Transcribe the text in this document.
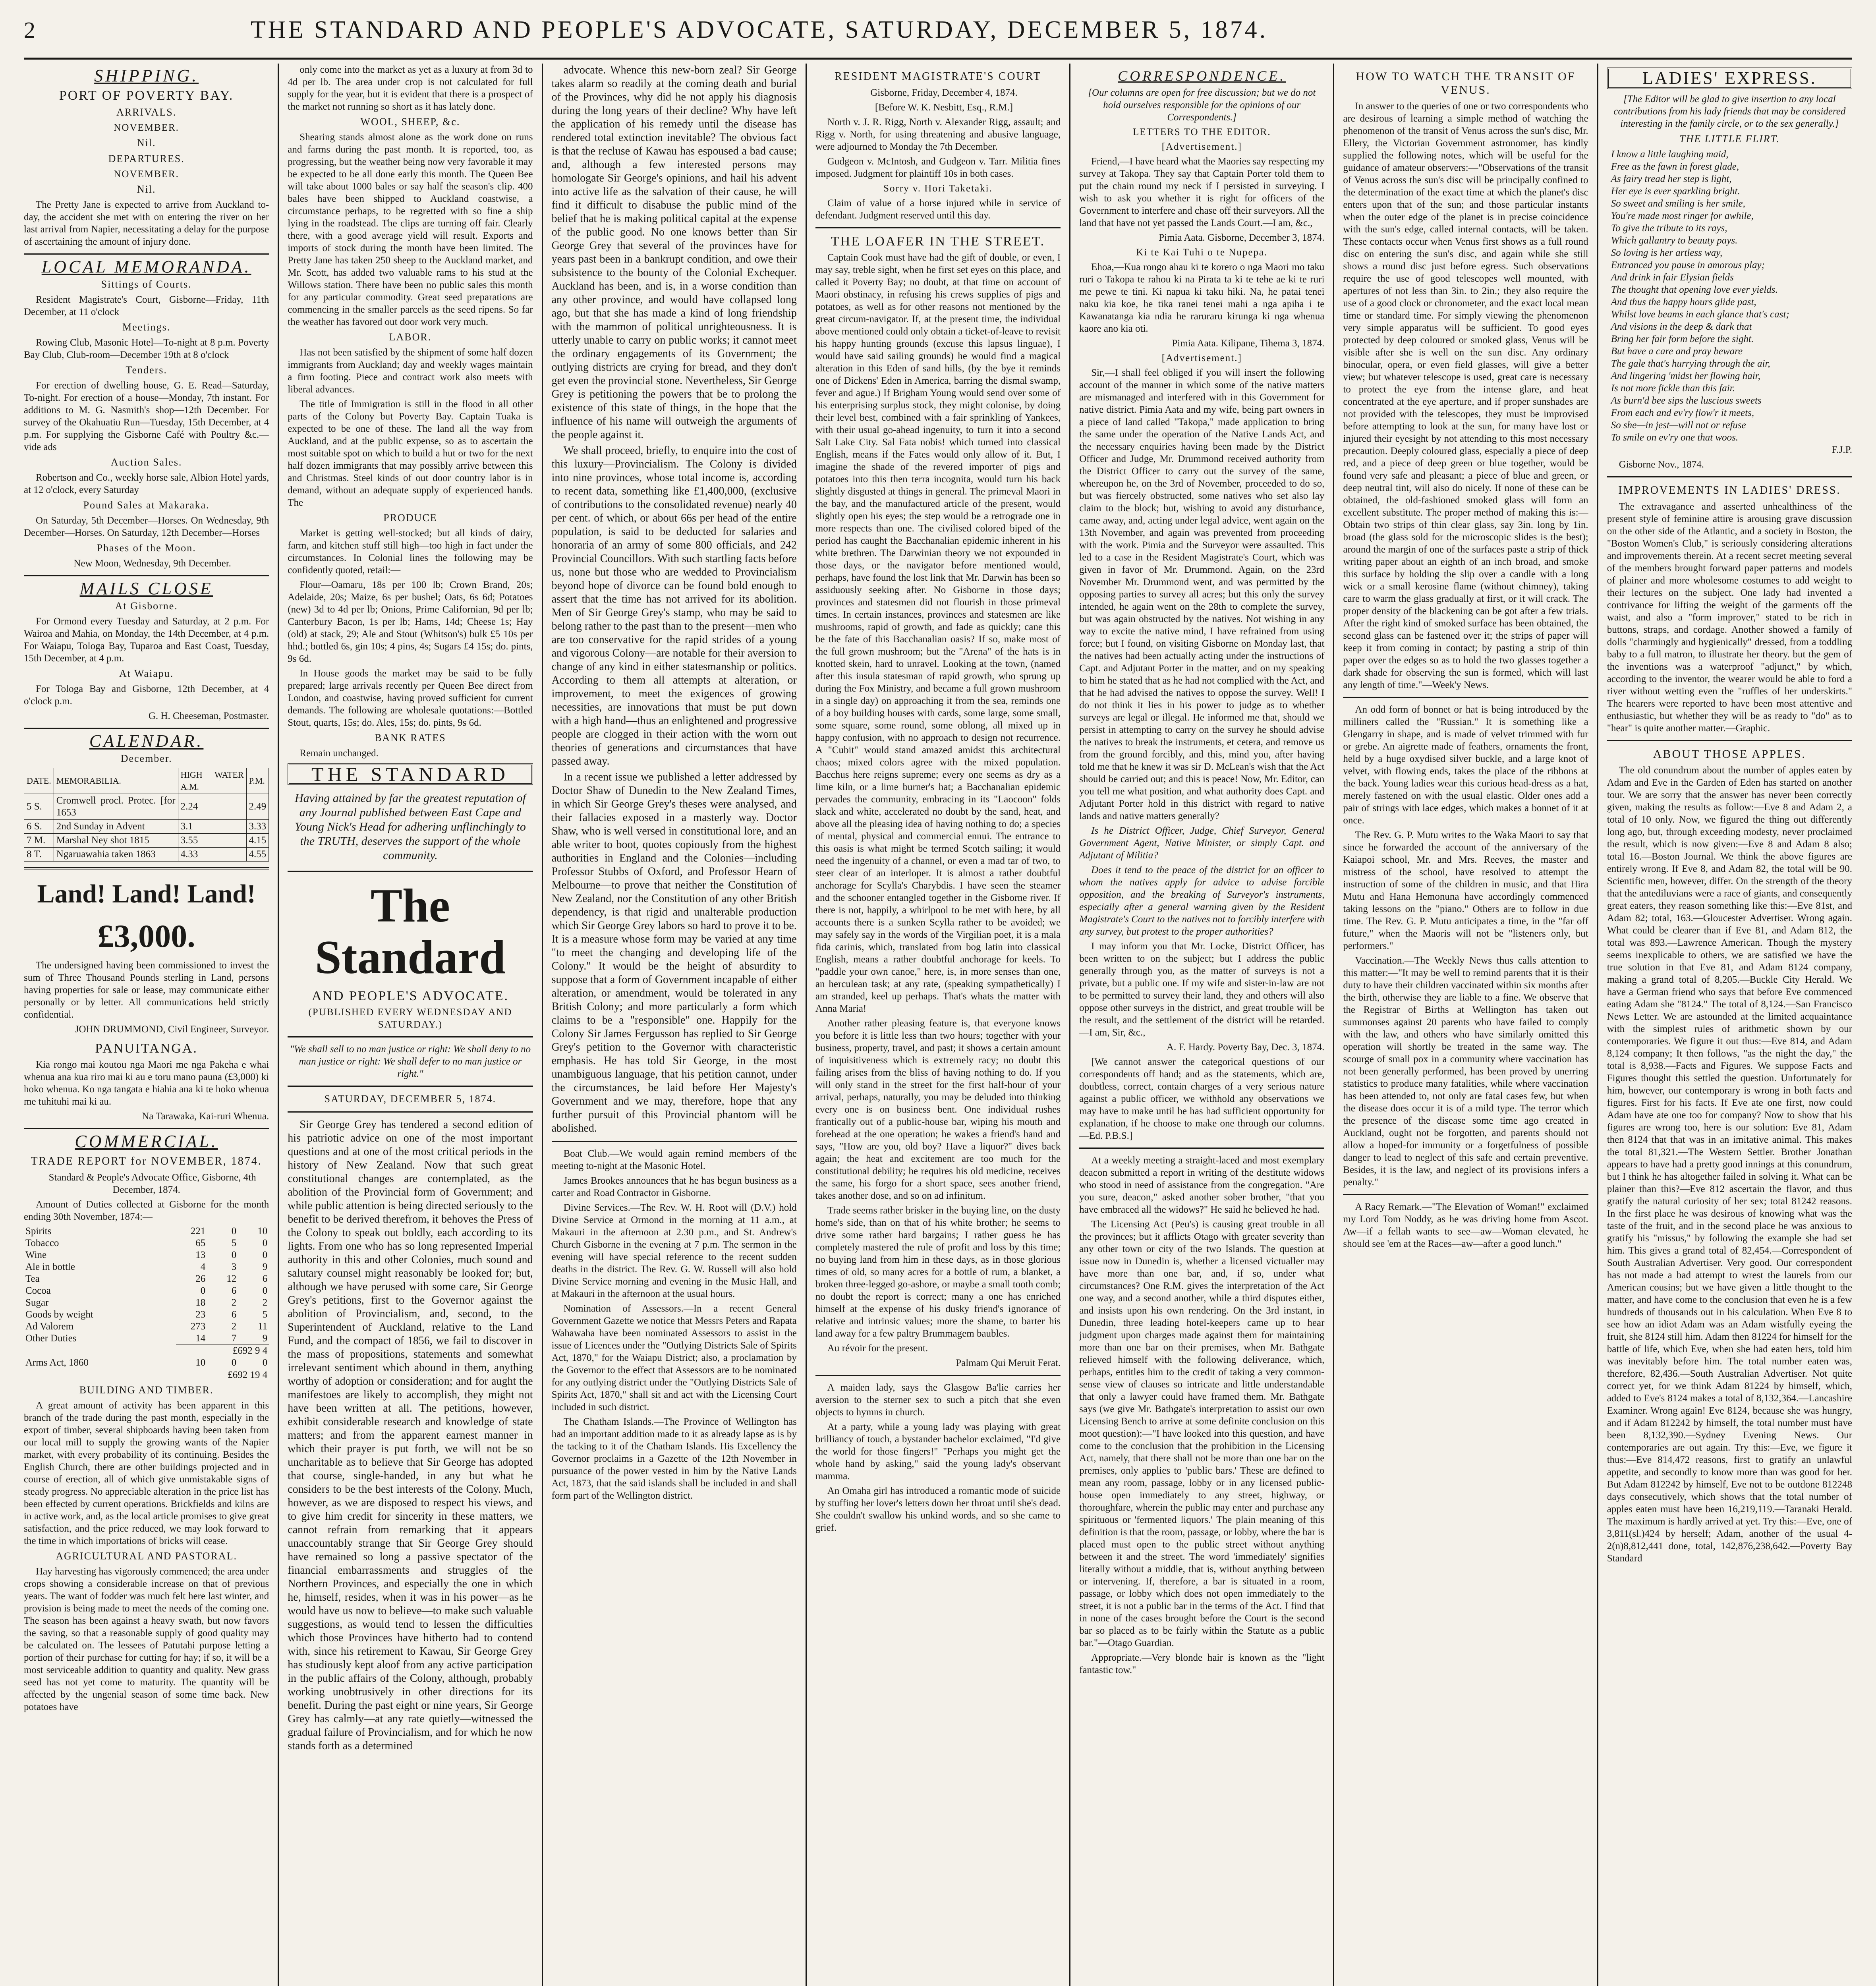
2	THE STANDARD AND PEOPLE'S ADVOCATE, SATURDAY, DECEMBER 5, 1874.
SHIPPING.
PORT OF POVERTY BAY.
ARRIVALS.
NOVEMBER.
Nil.
DEPARTURES.
NOVEMBER.
Nil.

The Pretty Jane is expected to arrive from Auckland to-day, the accident she met with on entering the river on her last arrival from Napier, necessitating a delay for the purpose of ascertaining the amount of injury done.

LOCAL MEMORANDA.
Sittings of Courts.

Resident Magistrate's Court, Gisborne—Friday, 11th December, at 11 o'clock

Meetings.

Rowing Club, Masonic Hotel—To-night at 8 p.m. Poverty Bay Club, Club-room—December 19th at 8 o'clock

Tenders.

For erection of dwelling house, G. E. Read—Saturday, To-night. For erection of a house—Monday, 7th instant. For additions to M. G. Nasmith's shop—12th December. For survey of the Okahuatiu Run—Tuesday, 15th December, at 4 p.m. For supplying the Gisborne Café with Poultry &c.—vide ads

Auction Sales.

Robertson and Co., weekly horse sale, Albion Hotel yards, at 12 o'clock, every Saturday

Pound Sales at Makaraka.

On Saturday, 5th December—Horses. On Wednesday, 9th December—Horses. On Saturday, 12th December—Horses

Phases of the Moon.

New Moon, Wednesday, 9th December.

MAILS CLOSE
At Gisborne.

For Ormond every Tuesday and Saturday, at 2 p.m. For Wairoa and Mahia, on Monday, the 14th December, at 4 p.m. For Waiapu, Tologa Bay, Tuparoa and East Coast, Tuesday, 15th December, at 4 p.m.

At Waiapu.

For Tologa Bay and Gisborne, 12th December, at 4 o'clock p.m.

G. H. Cheeseman, Postmaster.

CALENDAR.
December.
DATE.	MEMORABILIA.	HIGH WATER A.M.	P.M.
5 S.	Cromwell procl. Protec. [for 1653	2.24	2.49
6 S.	2nd Sunday in Advent	3.1	3.33
7 M.	Marshal Ney shot 1815	3.55	4.15
8 T.	Ngaruawahia taken 1863	4.33	4.55
Land! Land! Land!
£3,000.

The undersigned having been commissioned to invest the sum of Three Thousand Pounds sterling in Land, persons having properties for sale or lease, may communicate either personally or by letter. All communications held strictly confidential.

JOHN DRUMMOND, Civil Engineer, Surveyor.

PANUITANGA.

Kia rongo mai koutou nga Maori me nga Pakeha e whai whenua ana kua riro mai ki au e toru mano pauna (£3,000) ki hoko whenua. Ko nga tangata e hiahia ana ki te hoko whenua me tuhituhi mai ki au.

Na Tarawaka, Kai-ruri Whenua.

COMMERCIAL.
TRADE REPORT for NOVEMBER, 1874.

Standard & People's Advocate Office, Gisborne, 4th December, 1874.

Amount of Duties collected at Gisborne for the month ending 30th November, 1874:—

Spirits	221	0	10
Tobacco	65	5	0
Wine	13	0	0
Ale in bottle	4	3	9
Tea	26	12	6
Cocoa	0	6	0
Sugar	18	2	2
Goods by weight	23	6	5
Ad Valorem	273	2	11
Other Duties	14	7	9
	£692 9 4		
Arms Act, 1860	10	0	0
	£692 19 4		
BUILDING AND TIMBER.

A great amount of activity has been apparent in this branch of the trade during the past month, especially in the export of timber, several shipboards having been taken from our local mill to supply the growing wants of the Napier market, with every probability of its continuing. Besides the English Church, there are other buildings projected and in course of erection, all of which give unmistakable signs of steady progress. No appreciable alteration in the price list has been effected by current operations. Brickfields and kilns are in active work, and, as the local article promises to give great satisfaction, and the price reduced, we may look forward to the time in which importations of bricks will cease.

AGRICULTURAL AND PASTORAL.

Hay harvesting has vigorously commenced; the area under crops showing a considerable increase on that of previous years. The want of fodder was much felt here last winter, and provision is being made to meet the needs of the coming one. The season has been against a heavy swath, but now favors the saving, so that a reasonable supply of good quality may be calculated on. The lessees of Patutahi purpose letting a portion of their purchase for cutting for hay; if so, it will be a most serviceable addition to quantity and quality. New grass seed has not yet come to maturity. The quantity will be affected by the ungenial season of some time back. New potatoes have

only come into the market as yet as a luxury at from 3d to 4d per lb. The area under crop is not calculated for full supply for the year, but it is evident that there is a prospect of the market not running so short as it has lately done.

WOOL, SHEEP, &c.

Shearing stands almost alone as the work done on runs and farms during the past month. It is reported, too, as progressing, but the weather being now very favorable it may be expected to be all done early this month. The Queen Bee will take about 1000 bales or say half the season's clip. 400 bales have been shipped to Auckland coastwise, a circumstance perhaps, to be regretted with so fine a ship lying in the roadstead. The clips are turning off fair. Clearly there, with a good average yield will result. Exports and imports of stock during the month have been limited. The Pretty Jane has taken 250 sheep to the Auckland market, and Mr. Scott, has added two valuable rams to his stud at the Willows station. There have been no public sales this month for any particular commodity. Great seed preparations are commencing in the smaller parcels as the seed ripens. So far the weather has favored out door work very much.

LABOR.

Has not been satisfied by the shipment of some half dozen immigrants from Auckland; day and weekly wages maintain a firm footing. Piece and contract work also meets with liberal advances.

The title of Immigration is still in the flood in all other parts of the Colony but Poverty Bay. Captain Tuaka is expected to be one of these. The land all the way from Auckland, and at the public expense, so as to ascertain the most suitable spot on which to build a hut or two for the next half dozen immigrants that may possibly arrive between this and Christmas. Steel kinds of out door country labor is in demand, without an adequate supply of experienced hands. The

PRODUCE

Market is getting well-stocked; but all kinds of dairy, farm, and kitchen stuff still high—too high in fact under the circumstances. In Colonial lines the following may be confidently quoted, retail:—

Flour—Oamaru, 18s per 100 lb; Crown Brand, 20s; Adelaide, 20s; Maize, 6s per bushel; Oats, 6s 6d; Potatoes (new) 3d to 4d per lb; Onions, Prime Californian, 9d per lb; Canterbury Bacon, 1s per lb; Hams, 14d; Cheese 1s; Hay (old) at stack, 29; Ale and Stout (Whitson's) bulk £5 10s per hhd.; bottled 6s, gin 10s; 4 pins, 4s; Sugars £4 15s; do. pints, 9s 6d.

In House goods the market may be said to be fully prepared; large arrivals recently per Queen Bee direct from London, and coastwise, having proved sufficient for current demands. The following are wholesale quotations:—Bottled Stout, quarts, 15s; do. Ales, 15s; do. pints, 9s 6d.

BANK RATES

Remain unchanged.

THE STANDARD
Having attained by far the greatest reputation of any Journal published between East Cape and Young Nick's Head for adhering unflinchingly to the TRUTH, deserves the support of the whole community.
The Standard
AND PEOPLE'S ADVOCATE.
(PUBLISHED EVERY WEDNESDAY AND SATURDAY.)

"We shall sell to no man justice or right: We shall deny to no man justice or right: We shall defer to no man justice or right."

SATURDAY, DECEMBER 5, 1874.

Sir George Grey has tendered a second edition of his patriotic advice on one of the most important questions and at one of the most critical periods in the history of New Zealand. Now that such great constitutional changes are contemplated, as the abolition of the Provincial form of Government; and while public attention is being directed seriously to the benefit to be derived therefrom, it behoves the Press of the Colony to speak out boldly, each according to its lights. From one who has so long represented Imperial authority in this and other Colonies, much sound and salutary counsel might reasonably be looked for; but, although we have perused with some care, Sir George Grey's petitions, first to the Governor against the abolition of Provincialism, and, second, to the Superintendent of Auckland, relative to the Land Fund, and the compact of 1856, we fail to discover in the mass of propositions, statements and somewhat irrelevant sentiment which abound in them, anything worthy of adoption or consideration; and for aught the manifestoes are likely to accomplish, they might not have been written at all. The petitions, however, exhibit considerable research and knowledge of state matters; and from the apparent earnest manner in which their prayer is put forth, we will not be so uncharitable as to believe that Sir George has adopted that course, single-handed, in any but what he considers to be the best interests of the Colony. Much, however, as we are disposed to respect his views, and to give him credit for sincerity in these matters, we cannot refrain from remarking that it appears unaccountably strange that Sir George Grey should have remained so long a passive spectator of the financial embarrassments and struggles of the Northern Provinces, and especially the one in which he, himself, resides, when it was in his power—as he would have us now to believe—to make such valuable suggestions, as would tend to lessen the difficulties which those Provinces have hitherto had to contend with, since his retirement to Kawau, Sir George Grey has studiously kept aloof from any active participation in the public affairs of the Colony, although, probably working unobtrusively in other directions for its benefit. During the past eight or nine years, Sir George Grey has calmly—at any rate quietly—witnessed the gradual failure of Provincialism, and for which he now stands forth as a determined

advocate. Whence this new-born zeal? Sir George takes alarm so readily at the coming death and burial of the Provinces, why did he not apply his diagnosis during the long years of their decline? Why have left the application of his remedy until the disease has rendered total extinction inevitable? The obvious fact is that the recluse of Kawau has espoused a bad cause; and, although a few interested persons may homologate Sir George's opinions, and hail his advent into active life as the salvation of their cause, he will find it difficult to disabuse the public mind of the belief that he is making political capital at the expense of the public good. No one knows better than Sir George Grey that several of the provinces have for years past been in a bankrupt condition, and owe their subsistence to the bounty of the Colonial Exchequer. Auckland has been, and is, in a worse condition than any other province, and would have collapsed long ago, but that she has made a kind of long friendship with the mammon of political unrighteousness. It is utterly unable to carry on public works; it cannot meet the ordinary engagements of its Government; the outlying districts are crying for bread, and they don't get even the provincial stone. Nevertheless, Sir George Grey is petitioning the powers that be to prolong the existence of this state of things, in the hope that the influence of his name will outweigh the arguments of the people against it.

We shall proceed, briefly, to enquire into the cost of this luxury—Provincialism. The Colony is divided into nine provinces, whose total income is, according to recent data, something like £1,400,000, (exclusive of contributions to the consolidated revenue) nearly 40 per cent. of which, or about 66s per head of the entire population, is said to be deducted for salaries and honoraria of an army of some 800 officials, and 242 Provincial Councillors. With such startling facts before us, none but those who are wedded to Provincialism beyond hope of divorce can be found bold enough to assert that the time has not arrived for its abolition. Men of Sir George Grey's stamp, who may be said to belong rather to the past than to the present—men who are too conservative for the rapid strides of a young and vigorous Colony—are notable for their aversion to change of any kind in either statesmanship or politics. According to them all attempts at alteration, or improvement, to meet the exigences of growing necessities, are innovations that must be put down with a high hand—thus an enlightened and progressive people are clogged in their action with the worn out theories of generations and circumstances that have passed away.

In a recent issue we published a letter addressed by Doctor Shaw of Dunedin to the New Zealand Times, in which Sir George Grey's theses were analysed, and their fallacies exposed in a masterly way. Doctor Shaw, who is well versed in constitutional lore, and an able writer to boot, quotes copiously from the highest authorities in England and the Colonies—including Professor Stubbs of Oxford, and Professor Hearn of Melbourne—to prove that neither the Constitution of New Zealand, nor the Constitution of any other British dependency, is that rigid and unalterable production which Sir George Grey labors so hard to prove it to be. It is a measure whose form may be varied at any time "to meet the changing and developing life of the Colony." It would be the height of absurdity to suppose that a form of Government incapable of either alteration, or amendment, would be tolerated in any British Colony; and more particularly a form which claims to be a "responsible" one. Happily for the Colony Sir James Fergusson has replied to Sir George Grey's petition to the Governor with characteristic emphasis. He has told Sir George, in the most unambiguous language, that his petition cannot, under the circumstances, be laid before Her Majesty's Government and we may, therefore, hope that any further pursuit of this Provincial phantom will be abolished.

Boat Club.—We would again remind members of the meeting to-night at the Masonic Hotel.

James Brookes announces that he has begun business as a carter and Road Contractor in Gisborne.

Divine Services.—The Rev. W. H. Root will (D.V.) hold Divine Service at Ormond in the morning at 11 a.m., at Makauri in the afternoon at 2.30 p.m., and St. Andrew's Church Gisborne in the evening at 7 p.m. The sermon in the evening will have special reference to the recent sudden deaths in the district. The Rev. G. W. Russell will also hold Divine Service morning and evening in the Music Hall, and at Makauri in the afternoon at the usual hours.

Nomination of Assessors.—In a recent General Government Gazette we notice that Messrs Peters and Rapata Wahawaha have been nominated Assessors to assist in the issue of Licences under the "Outlying Districts Sale of Spirits Act, 1870," for the Waiapu District; also, a proclamation by the Governor to the effect that Assessors are to be nominated for any outlying district under the "Outlying Districts Sale of Spirits Act, 1870," shall sit and act with the Licensing Court included in such district.

The Chatham Islands.—The Province of Wellington has had an important addition made to it as already lapse as is by the tacking to it of the Chatham Islands. His Excellency the Governor proclaims in a Gazette of the 12th November in pursuance of the power vested in him by the Native Lands Act, 1873, that the said islands shall be included in and shall form part of the Wellington district.

RESIDENT MAGISTRATE'S COURT

Gisborne, Friday, December 4, 1874.

[Before W. K. Nesbitt, Esq., R.M.]

North v. J. R. Rigg, North v. Alexander Rigg, assault; and Rigg v. North, for using threatening and abusive language, were adjourned to Monday the 7th December.

Gudgeon v. McIntosh, and Gudgeon v. Tarr. Militia fines imposed. Judgment for plaintiff 10s in both cases.

Sorry v. Hori Taketaki.

Claim of value of a horse injured while in service of defendant. Judgment reserved until this day.

THE LOAFER IN THE STREET.

Captain Cook must have had the gift of double, or even, I may say, treble sight, when he first set eyes on this place, and called it Poverty Bay; no doubt, at that time on account of Maori obstinacy, in refusing his crews supplies of pigs and potatoes, as well as for other reasons not mentioned by the great circum-navigator. If, at the present time, the individual above mentioned could only obtain a ticket-of-leave to revisit his happy hunting grounds (excuse this lapsus linguae), I would have said sailing grounds) he would find a magical alteration in this Eden of sand hills, (by the bye it reminds one of Dickens' Eden in America, barring the dismal swamp, fever and ague.) If Brigham Young would send over some of his enterprising surplus stock, they might colonise, by doing their level best, combined with a fair sprinkling of Yankees, with their usual go-ahead ingenuity, to turn it into a second Salt Lake City. Sal Fata nobis! which turned into classical English, means if the Fates would only allow of it. But, I imagine the shade of the revered importer of pigs and potatoes into this then terra incognita, would turn his back slightly disgusted at things in general. The primeval Maori in the bay, and the manufactured article of the present, would slightly open his eyes; the step would be a retrograde one in more respects than one. The civilised colored biped of the period has caught the Bacchanalian epidemic inherent in his white brethren. The Darwinian theory we not expounded in those days, or the navigator before mentioned would, perhaps, have found the lost link that Mr. Darwin has been so assiduously seeking after. No Gisborne in those days; provinces and statesmen did not flourish in those primeval times. In certain instances, provinces and statesmen are like mushrooms, rapid of growth, and fade as quickly; cane this be the fate of this Bacchanalian oasis? If so, make most of the full grown mushroom; but the "Arena" of the hats is in knotted skein, hard to unravel. Looking at the town, (named after this insula statesman of rapid growth, who sprung up during the Fox Ministry, and became a full grown mushroom in a single day) on approaching it from the sea, reminds one of a boy building houses with cards, some large, some small, some square, some round, some oblong, all mixed up in happy confusion, with no approach to design not recurrence. A "Cubit" would stand amazed amidst this architectural chaos; mixed colors agree with the mixed population. Bacchus here reigns supreme; every one seems as dry as a lime kiln, or a lime burner's hat; a Bacchanalian epidemic pervades the community, embracing in its "Laocoon" folds slack and white, accelerated no doubt by the sand, heat, and above all the pleasing idea of having nothing to do; a species of mental, physical and commercial ennui. The entrance to this oasis is what might be termed Scotch sailing; it would need the ingenuity of a channel, or even a mad tar of two, to steer clear of an interloper. It is almost a rather doubtful anchorage for Scylla's Charybdis. I have seen the steamer and the schooner entangled together in the Gisborne river. If there is not, happily, a whirlpool to be met with here, by all accounts there is a sunken Scylla rather to be avoided; we may safely say in the words of the Virgilian poet, it is a mala fida carinis, which, translated from bog latin into classical English, means a rather doubtful anchorage for keels. To "paddle your own canoe," here, is, in more senses than one, an herculean task; at any rate, (speaking sympathetically) I am stranded, keel up perhaps. That's whats the matter with Anna Maria!

Another rather pleasing feature is, that everyone knows you before it is little less than two hours; together with your business, property, travel, and past; it shows a certain amount of inquisitiveness which is extremely racy; no doubt this failing arises from the bliss of having nothing to do. If you will only stand in the street for the first half-hour of your arrival, perhaps, naturally, you may be deluded into thinking every one is on business bent. One individual rushes frantically out of a public-house bar, wiping his mouth and forehead at the one operation; he wakes a friend's hand and says, "How are you, old boy? Have a liquor?" dives back again; the heat and excitement are too much for the constitutional debility; he requires his old medicine, receives the same, his forgo for a short space, sees another friend, takes another dose, and so on ad infinitum.

Trade seems rather brisker in the buying line, on the dusty home's side, than on that of his white brother; he seems to drive some rather hard bargains; I rather guess he has completely mastered the rule of profit and loss by this time; no buying land from him in these days, as in those glorious times of old, so many acres for a bottle of rum, a blanket, a broken three-legged go-ashore, or maybe a small tooth comb; no doubt the report is correct; many a one has enriched himself at the expense of his dusky friend's ignorance of relative and intrinsic values; more the shame, to barter his land away for a few paltry Brummagem baubles.

Au révoir for the present.

Palmam Qui Meruit Ferat.

A maiden lady, says the Glasgow Ba'lie carries her aversion to the sterner sex to such a pitch that she even objects to hymns in church.

At a party, while a young lady was playing with great brilliancy of touch, a bystander bachelor exclaimed, "I'd give the world for those fingers!" "Perhaps you might get the whole hand by asking," said the young lady's observant mamma.

An Omaha girl has introduced a romantic mode of suicide by stuffing her lover's letters down her throat until she's dead. She couldn't swallow his unkind words, and so she came to grief.

CORRESPONDENCE.

[Our columns are open for free discussion; but we do not hold ourselves responsible for the opinions of our Correspondents.]

LETTERS TO THE EDITOR.
[Advertisement.]

Friend,—I have heard what the Maories say respecting my survey at Takopa. They say that Captain Porter told them to put the chain round my neck if I persisted in surveying. I wish to ask you whether it is right for officers of the Government to interfere and chase off their surveyors. All the land that have not yet passed the Lands Court.—I am, &c.,

Pimia Aata. Gisborne, December 3, 1874.

Ki te Kai Tuhi o te Nupepa.

Ehoa,—Kua rongo ahau ki te korero o nga Maori mo taku ruri o Takopa te rahou ki na Pirata ta ki te tehe ae ki te ruri me pewe te tini. Ki napua ki taku hiki. Na, he patai tenei naku kia koe, he tika ranei tenei mahi a nga apiha i te Kawanatanga kia ndia he raruraru kirunga ki nga whenua kaore ano kia oti.

Pimia Aata. Kilipane, Tihema 3, 1874.

[Advertisement.]

Sir,—I shall feel obliged if you will insert the following account of the manner in which some of the native matters are mismanaged and interfered with in this Government for native district. Pimia Aata and my wife, being part owners in a piece of land called "Takopa," made application to bring the same under the operation of the Native Lands Act, and the necessary enquiries having been made by the District Officer and Judge, Mr. Drummond received authority from the District Officer to carry out the survey of the same, whereupon he, on the 3rd of November, proceeded to do so, but was fiercely obstructed, some natives who set also lay claim to the block; but, wishing to avoid any disturbance, came away, and, acting under legal advice, went again on the 13th November, and again was prevented from proceeding with the work. Pimia and the Surveyor were assaulted. This led to a case in the Resident Magistrate's Court, which was given in favor of Mr. Drummond. Again, on the 23rd November Mr. Drummond went, and was permitted by the opposing parties to survey all acres; but this only the survey intended, he again went on the 28th to complete the survey, but was again obstructed by the natives. Not wishing in any way to excite the native mind, I have refrained from using force; but I found, on visiting Gisborne on Monday last, that the natives had been actually acting under the instructions of Capt. and Adjutant Porter in the matter, and on my speaking to him he stated that as he had not complied with the Act, and that he had advised the natives to oppose the survey. Well! I do not think it lies in his power to judge as to whether surveys are legal or illegal. He informed me that, should we persist in attempting to carry on the survey he should advise the natives to break the instruments, et cetera, and remove us from the ground forcibly, and this, mind you, after having told me that he knew it was sir D. McLean's wish that the Act should be carried out; and this is peace! Now, Mr. Editor, can you tell me what position, and what authority does Capt. and Adjutant Porter hold in this district with regard to native lands and native matters generally?

Is he District Officer, Judge, Chief Surveyor, General Government Agent, Native Minister, or simply Capt. and Adjutant of Militia?

Does it tend to the peace of the district for an officer to whom the natives apply for advice to advise forcible opposition, and the breaking of Surveyor's instruments, especially after a general warning given by the Resident Magistrate's Court to the natives not to forcibly interfere with any survey, but protest to the proper authorities?

I may inform you that Mr. Locke, District Officer, has been written to on the subject; but I address the public generally through you, as the matter of surveys is not a private, but a public one. If my wife and sister-in-law are not to be permitted to survey their land, they and others will also oppose other surveys in the district, and great trouble will be the result, and the settlement of the district will be retarded.—I am, Sir, &c.,

A. F. Hardy. Poverty Bay, Dec. 3, 1874.

[We cannot answer the categorical questions of our correspondents off hand; and as the statements, which are, doubtless, correct, contain charges of a very serious nature against a public officer, we withhold any observations we may have to make until he has had sufficient opportunity for explanation, if he choose to make one through our columns.—Ed. P.B.S.]

At a weekly meeting a straight-laced and most exemplary deacon submitted a report in writing of the destitute widows who stood in need of assistance from the congregation. "Are you sure, deacon," asked another sober brother, "that you have embraced all the widows?" He said he believed he had.

The Licensing Act (Peu's) is causing great trouble in all the provinces; but it afflicts Otago with greater severity than any other town or city of the two Islands. The question at issue now in Dunedin is, whether a licensed victualler may have more than one bar, and, if so, under what circumstances? One R.M. gives the interpretation of the Act one way, and a second another, while a third disputes either, and insists upon his own rendering. On the 3rd instant, in Dunedin, three leading hotel-keepers came up to hear judgment upon charges made against them for maintaining more than one bar on their premises, when Mr. Bathgate relieved himself with the following deliverance, which, perhaps, entitles him to the credit of taking a very common-sense view of clauses so intricate and little understandable that only a lawyer could have framed them. Mr. Bathgate says (we give Mr. Bathgate's interpretation to assist our own Licensing Bench to arrive at some definite conclusion on this moot question):—"I have looked into this question, and have come to the conclusion that the prohibition in the Licensing Act, namely, that there shall not be more than one bar on the premises, only applies to 'public bars.' These are defined to mean any room, passage, lobby or in any licensed public-house open immediately to any street, highway, or thoroughfare, wherein the public may enter and purchase any spirituous or 'fermented liquors.' The plain meaning of this definition is that the room, passage, or lobby, where the bar is placed must open to the public street without anything between it and the street. The word 'immediately' signifies literally without a middle, that is, without anything between or intervening. If, therefore, a bar is situated in a room, passage, or lobby which does not open immediately to the street, it is not a public bar in the terms of the Act. I find that in none of the cases brought before the Court is the second bar so placed as to be fairly within the Statute as a public bar."—Otago Guardian.

Appropriate.—Very blonde hair is known as the "light fantastic tow."

HOW TO WATCH THE TRANSIT OF VENUS.

In answer to the queries of one or two correspondents who are desirous of learning a simple method of watching the phenomenon of the transit of Venus across the sun's disc, Mr. Ellery, the Victorian Government astronomer, has kindly supplied the following notes, which will be useful for the guidance of amateur observers:—"Observations of the transit of Venus across the sun's disc will be principally confined to the determination of the exact time at which the planet's disc enters upon that of the sun; and those particular instants when the outer edge of the planet is in precise coincidence with the sun's edge, called internal contacts, will be taken. These contacts occur when Venus first shows as a full round disc on entering the sun's disc, and again while she still shows a round disc just before egress. Such observations require the use of good telescopes well mounted, with apertures of not less than 3in. to 2in.; they also require the use of a good clock or chronometer, and the exact local mean time or standard time. For simply viewing the phenomenon very simple apparatus will be sufficient. To good eyes protected by deep coloured or smoked glass, Venus will be visible after she is well on the sun disc. Any ordinary binocular, opera, or even field glasses, will give a better view; but whatever telescope is used, great care is necessary to protect the eye from the intense glare, and heat concentrated at the eye aperture, and if proper sunshades are not provided with the telescopes, they must be improvised before attempting to look at the sun, for many have lost or injured their eyesight by not attending to this most necessary precaution. Deeply coloured glass, especially a piece of deep red, and a piece of deep green or blue together, would be found very safe and pleasant; a piece of blue and green, or deep neutral tint, will also do nicely. If none of these can be obtained, the old-fashioned smoked glass will form an excellent substitute. The proper method of making this is:—Obtain two strips of thin clear glass, say 3in. long by 1in. broad (the glass sold for the microscopic slides is the best); around the margin of one of the surfaces paste a strip of thick writing paper about an eighth of an inch broad, and smoke this surface by holding the slip over a candle with a long wick or a small kerosine flame (without chimney), taking care to warm the glass gradually at first, or it will crack. The proper density of the blackening can be got after a few trials. After the right kind of smoked surface has been obtained, the second glass can be fastened over it; the strips of paper will keep it from coming in contact; by pasting a strip of thin paper over the edges so as to hold the two glasses together a dark shade for observing the sun is formed, which will last any length of time."—Week'y News.

An odd form of bonnet or hat is being introduced by the milliners called the "Russian." It is something like a Glengarry in shape, and is made of velvet trimmed with fur or grebe. An aigrette made of feathers, ornaments the front, held by a huge oxydised silver buckle, and a large knot of velvet, with flowing ends, takes the place of the ribbons at the back. Young ladies wear this curious head-dress as a hat, merely fastened on with the usual elastic. Older ones add a pair of strings with lace edges, which makes a bonnet of it at once.

The Rev. G. P. Mutu writes to the Waka Maori to say that since he forwarded the account of the anniversary of the Kaiapoi school, Mr. and Mrs. Reeves, the master and mistress of the school, have resolved to attempt the instruction of some of the children in music, and that Hira Mutu and Hana Hemonuna have accordingly commenced taking lessons on the "piano." Others are to follow in due time. The Rev. G. P. Mutu anticipates a time, in the "far off future," when the Maoris will not be "listeners only, but performers."

Vaccination.—The Weekly News thus calls attention to this matter:—"It may be well to remind parents that it is their duty to have their children vaccinated within six months after the birth, otherwise they are liable to a fine. We observe that the Registrar of Births at Wellington has taken out summonses against 20 parents who have failed to comply with the law, and others who have similarly omitted this operation will shortly be treated in the same way. The scourge of small pox in a community where vaccination has not been generally performed, has been proved by unerring statistics to produce many fatalities, while where vaccination has been attended to, not only are fatal cases few, but when the disease does occur it is of a mild type. The terror which the presence of the disease some time ago created in Auckland, ought not be forgotten, and parents should not allow a hoped-for immunity or a forgetfulness of possible danger to lead to neglect of this safe and certain preventive. Besides, it is the law, and neglect of its provisions infers a penalty."

A Racy Remark.—"The Elevation of Woman!" exclaimed my Lord Tom Noddy, as he was driving home from Ascot. Aw—if a fellah wants to see—aw—Woman elevated, he should see 'em at the Races—aw—after a good lunch."

LADIES' EXPRESS.

[The Editor will be glad to give insertion to any local contributions from his lady friends that may be considered interesting in the family circle, or to the sex generally.]

THE LITTLE FLIRT.
I know a little laughing maid,
Free as the fawn in forest glade,
As fairy tread her step is light,
Her eye is ever sparkling bright.
So sweet and smiling is her smile,
You're made most ringer for awhile,
To give the tribute to its rays,
Which gallantry to beauty pays.
So loving is her artless way,
Entranced you pause in amorous play;
And drink in fair Elysian fields
The thought that opening love ever yields.
And thus the happy hours glide past,
Whilst love beams in each glance that's cast;
And visions in the deep & dark that
Bring her fair form before the sight.
But have a care and pray beware
The gale that's hurrying through the air,
And lingering 'midst her flowing hair,
Is not more fickle than this fair.
As burn'd bee sips the luscious sweets
From each and ev'ry flow'r it meets,
So she—in jest—will not or refuse
To smile on ev'ry one that woos.

F.J.P.

Gisborne Nov., 1874.

IMPROVEMENTS IN LADIES' DRESS.

The extravagance and asserted unhealthiness of the present style of feminine attire is arousing grave discussion on the other side of the Atlantic, and a society in Boston, the "Boston Women's Club," is seriously considering alterations and improvements therein. At a recent secret meeting several of the members brought forward paper patterns and models of plainer and more wholesome costumes to add weight to their lectures on the subject. One lady had invented a contrivance for lifting the weight of the garments off the waist, and also a "form improver," stated to be rich in buttons, straps, and cordage. Another showed a family of dolls "charmingly and hygienically" dressed, from a toddling baby to a full matron, to illustrate her theory. but the gem of the inventions was a waterproof "adjunct," by which, according to the inventor, the wearer would be able to ford a river without wetting even the "ruffles of her underskirts." The hearers were reported to have been most attentive and enthusiastic, but whether they will be as ready to "do" as to "hear" is quite another matter.—Graphic.

ABOUT THOSE APPLES.

The old conundrum about the number of apples eaten by Adam and Eve in the Garden of Eden has started on another tour. We are sorry that the answer has never been correctly given, making the results as follow:—Eve 8 and Adam 2, a total of 10 only. Now, we figured the thing out differently long ago, but, through exceeding modesty, never proclaimed the result, which is now given:—Eve 8 and Adam 8 also; total 16.—Boston Journal. We think the above figures are entirely wrong. If Eve 8, and Adam 82, the total will be 90. Scientific men, however, differ. On the strength of the theory that the antediluvians were a race of giants, and consequently great eaters, they reason something like this:—Eve 81st, and Adam 82; total, 163.—Gloucester Advertiser. Wrong again. What could be clearer than if Eve 81, and Adam 812, the total was 893.—Lawrence American. Though the mystery seems inexplicable to others, we are satisfied we have the true solution in that Eve 81, and Adam 8124 company, making a grand total of 8,205.—Buckle City Herald. We have a German friend who says that before Eve commenced eating Adam she "8124." The total of 8,124.—San Francisco News Letter. We are astounded at the limited acquaintance with the simplest rules of arithmetic shown by our contemporaries. We figure it out thus:—Eve 814, and Adam 8,124 company; It then follows, "as the night the day," the total is 8,938.—Facts and Figures. We suppose Facts and Figures thought this settled the question. Unfortunately for him, however, our contemporary is wrong in both facts and figures. First for his facts. If Eve ate one first, now could Adam have ate one too for company? Now to show that his figures are wrong too, here is our solution: Eve 81, Adam then 8124 that that was in an imitative animal. This makes the total 81,321.—The Western Settler. Brother Jonathan appears to have had a pretty good innings at this conundrum, but I think he has altogether failed in solving it. What can be plainer than this?—Eve 812 ascertain the flavor, and thus gratify the natural curiosity of her sex; total 81242 reasons. In the first place he was desirous of knowing what was the taste of the fruit, and in the second place he was anxious to gratify his "missus," by following the example she had set him. This gives a grand total of 82,454.—Correspondent of South Australian Advertiser. Very good. Our correspondent has not made a bad attempt to wrest the laurels from our American cousins; but we have given a little thought to the matter, and have come to the conclusion that even he is a few hundreds of thousands out in his calculation. When Eve 8 to see how an idiot Adam was an Adam wistfully eyeing the fruit, she 8124 still him. Adam then 81224 for himself for the battle of life, which Eve, when she had eaten hers, told him was inevitably before him. The total number eaten was, therefore, 82,436.—South Australian Advertiser. Not quite correct yet, for we think Adam 81224 by himself, which, added to Eve's 8124 makes a total of 8,132,364.—Lancashire Examiner. Wrong again! Eve 8124, because she was hungry, and if Adam 812242 by himself, the total number must have been 8,132,390.—Sydney Evening News. Our contemporaries are out again. Try this:—Eve, we figure it thus:—Eve 814,472 reasons, first to gratify an unlawful appetite, and secondly to know more than was good for her. But Adam 812242 by himself, Eve not to be outdone 812248 days consecutively, which shows that the total number of apples eaten must have been 16,219,119.—Taranaki Herald. The maximum is hardly arrived at yet. Try this:—Eve, one of 3,811(sl.)424 by herself; Adam, another of the usual 4-2(n)8,812,441 done, total, 142,876,238,642.—Poverty Bay Standard
